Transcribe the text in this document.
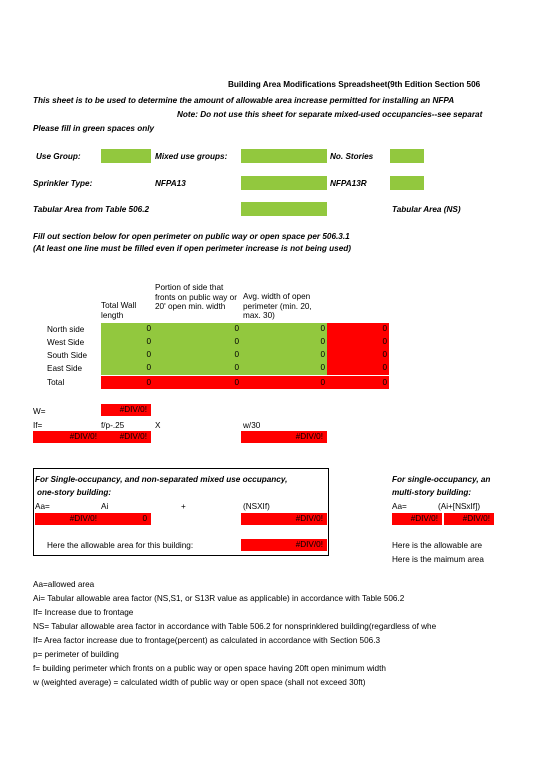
Building Area Modifications Spreadsheet(9th Edition Section 506
This sheet is to be used to determine the amount of allowable area increase permitted for installing an NFPA
Note: Do not use this sheet for separate mixed-used occupancies--see separat
Please fill in green spaces only
Use Group:	Mixed use groups:	No. Stories
Sprinkler Type:	NFPA13	NFPA13R
Tabular Area from Table 506.2	Tabular Area (NS)
Fill out section below for open perimeter on public way or open space per 506.3.1
(At least one line must be filled even if open perimeter increase is not being used)
Total Wall length
Portion of side that fronts on public way or 20' open min. width
Avg. width of open perimeter (min. 20, max. 30)
North side	0	0	0	0
West Side	0	0	0	0
South Side	0	0	0	0
East Side	0	0	0	0
Total	0	0	0	0
W=	#DIV/0!
If=	f/p-.25	X	w/30
#DIV/0!	#DIV/0!	#DIV/0!
For Single-occupancy, and non-separated mixed use occupancy,
one-story building:
Aa=	Ai	+	(NSXIf)
#DIV/0!	0	#DIV/0!
Here the allowable area for this building:	#DIV/0!
For single-occupancy, an
multi-story building:
Aa=	(Ai+[NSxIf])
#DIV/0!	#DIV/0!
Here is the allowable are
Here is the maimum area
Aa=allowed area
Ai= Tabular allowable area factor (NS,S1, or S13R value as applicable) in accordance with Table 506.2
If= Increase due to frontage
NS= Tabular allowable area factor in accordance with Table 506.2 for nonsprinklered building(regardless of whe
If= Area factor increase due to frontage(percent) as calculated in accordance with Section 506.3
p= perimeter of building
f= building perimeter which fronts on a public way or open space having 20ft open minimum width
w (weighted average) = calculated width of public way or open space (shall not exceed 30ft)
